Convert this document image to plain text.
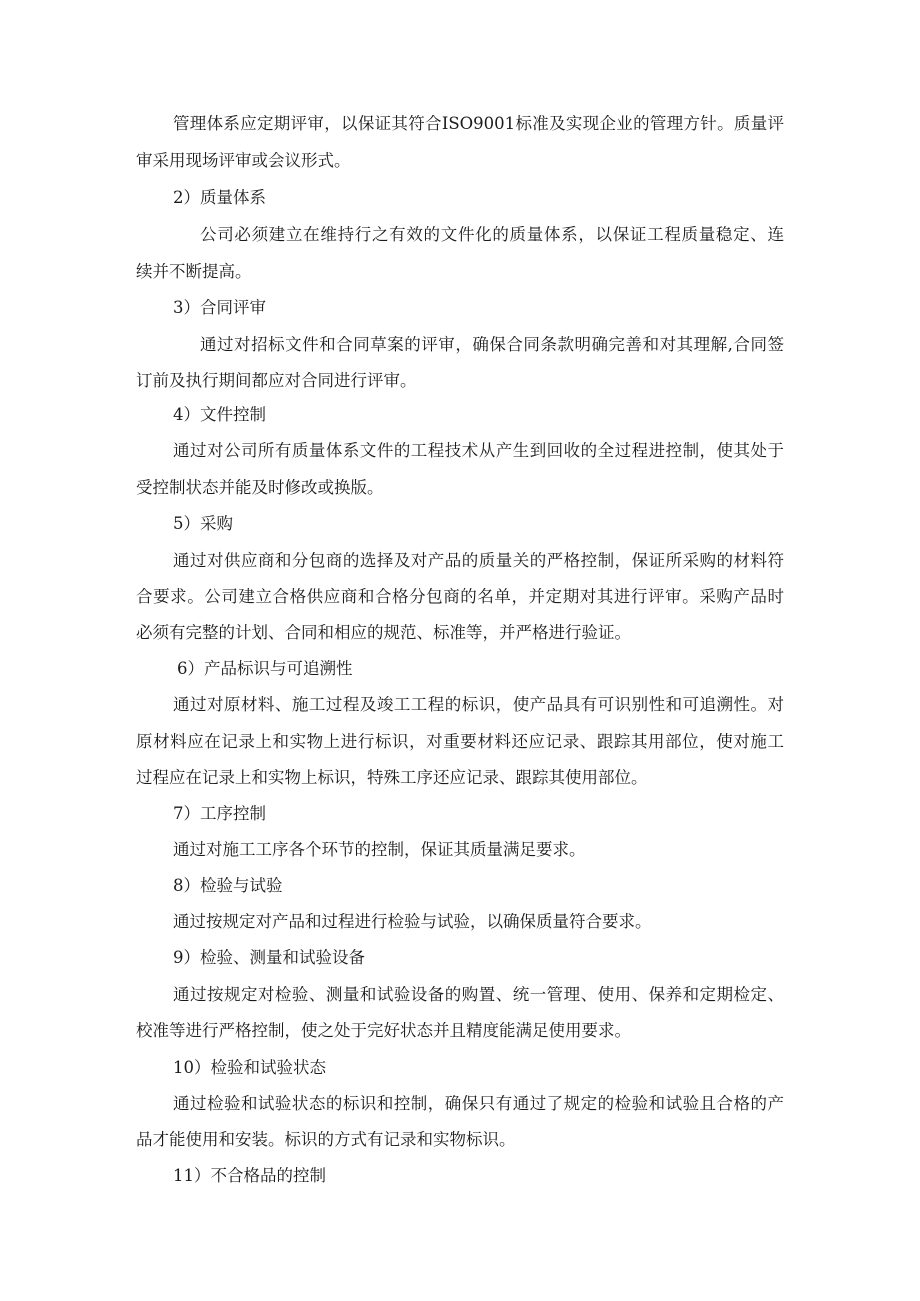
管理体系应定期评审，以保证其符合ISO9001标准及实现企业的管理方针。质量评
审采用现场评审或会议形式。
2）质量体系
公司必须建立在维持行之有效的文件化的质量体系，以保证工程质量稳定、连
续并不断提高。
3）合同评审
通过对招标文件和合同草案的评审，确保合同条款明确完善和对其理解,合同签
订前及执行期间都应对合同进行评审。
4）文件控制
通过对公司所有质量体系文件的工程技术从产生到回收的全过程进控制，使其处于
受控制状态并能及时修改或换版。
5）采购
通过对供应商和分包商的选择及对产品的质量关的严格控制，保证所采购的材料符
合要求。公司建立合格供应商和合格分包商的名单，并定期对其进行评审。采购产品时
必须有完整的计划、合同和相应的规范、标准等，并严格进行验证。
6）产品标识与可追溯性
通过对原材料、施工过程及竣工工程的标识，使产品具有可识别性和可追溯性。对
原材料应在记录上和实物上进行标识，对重要材料还应记录、跟踪其用部位，使对施工
过程应在记录上和实物上标识，特殊工序还应记录、跟踪其使用部位。
7）工序控制
通过对施工工序各个环节的控制，保证其质量满足要求。
8）检验与试验
通过按规定对产品和过程进行检验与试验，以确保质量符合要求。
9）检验、测量和试验设备
通过按规定对检验、测量和试验设备的购置、统一管理、使用、保养和定期检定、
校准等进行严格控制，使之处于完好状态并且精度能满足使用要求。
10）检验和试验状态
通过检验和试验状态的标识和控制，确保只有通过了规定的检验和试验且合格的产
品才能使用和安装。标识的方式有记录和实物标识。
11）不合格品的控制
